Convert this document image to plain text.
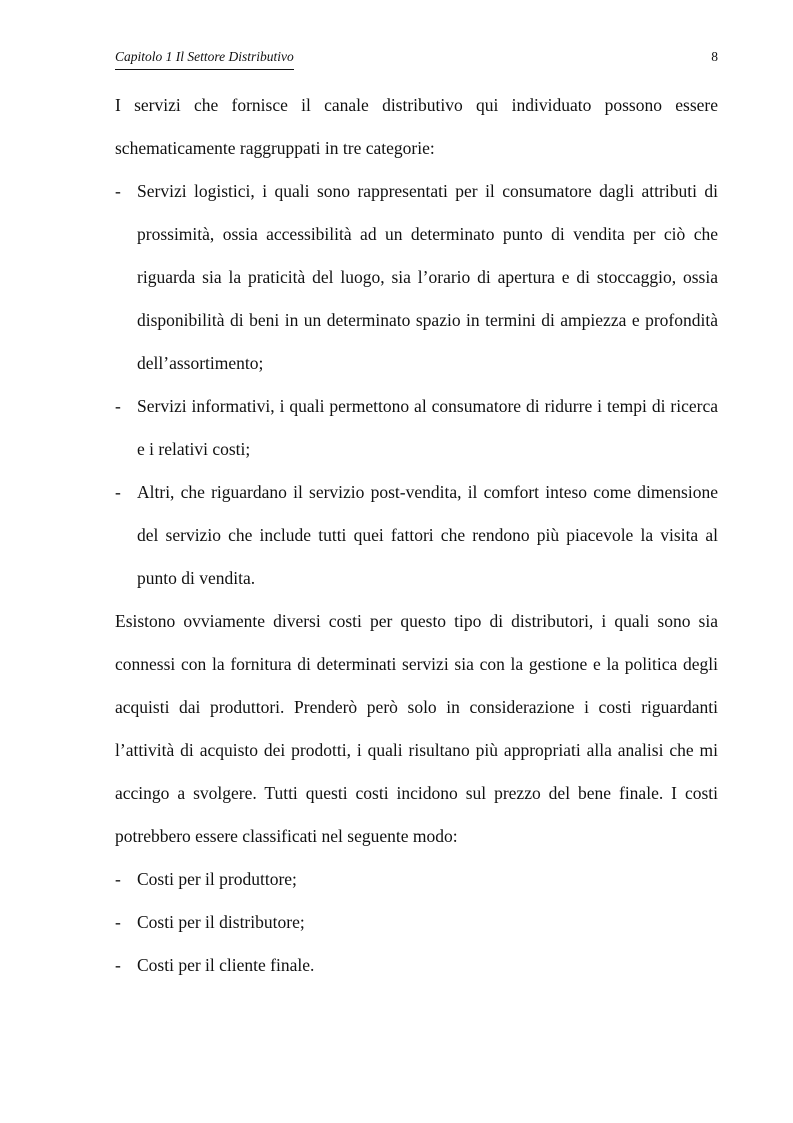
Capitolo 1 Il Settore Distributivo	8

I servizi che fornisce il canale distributivo qui individuato possono essere schematicamente raggruppati in tre categorie:

- Servizi logistici, i quali sono rappresentati per il consumatore dagli attributi di prossimità, ossia accessibilità ad un determinato punto di vendita per ciò che riguarda sia la praticità del luogo, sia l’orario di apertura e di stoccaggio, ossia disponibilità di beni in un determinato spazio in termini di ampiezza e profondità dell’assortimento;
- Servizi informativi, i quali permettono al consumatore di ridurre i tempi di ricerca e i relativi costi;
- Altri, che riguardano il servizio post-vendita, il comfort inteso come dimensione del servizio che include tutti quei fattori che rendono più piacevole la visita al punto di vendita.

Esistono ovviamente diversi costi per questo tipo di distributori, i quali sono sia connessi con la fornitura di determinati servizi sia con la gestione e la politica degli acquisti dai produttori. Prenderò però solo in considerazione i costi riguardanti l’attività di acquisto dei prodotti, i quali risultano più appropriati alla analisi che mi accingo a svolgere. Tutti questi costi incidono sul prezzo del bene finale. I costi potrebbero essere classificati nel seguente modo:

- Costi per il produttore;
- Costi per il distributore;
- Costi per il cliente finale.
